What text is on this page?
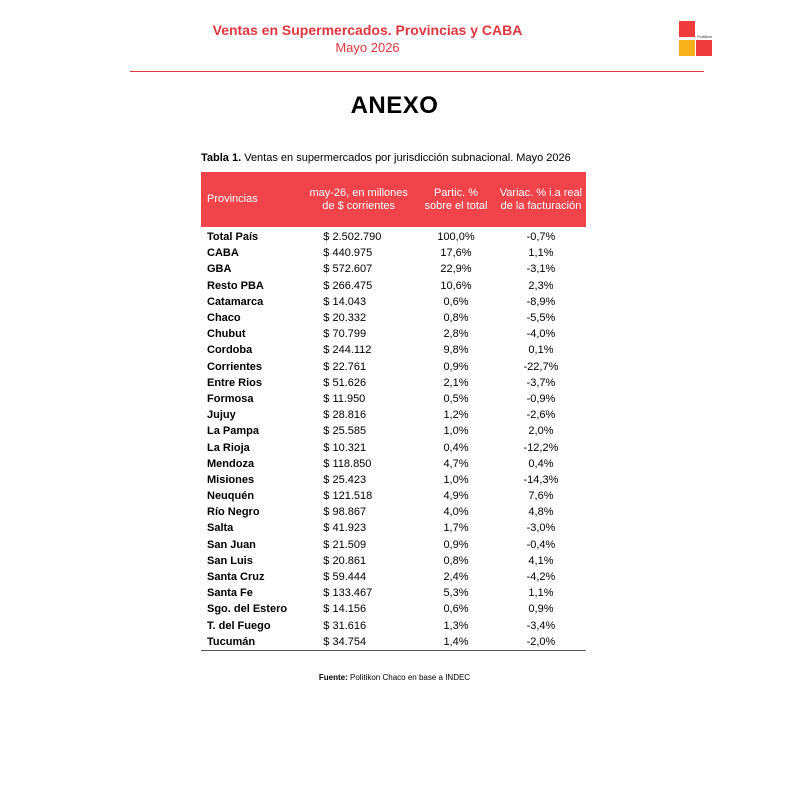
Ventas en Supermercados. Provincias y CABA
Mayo 2026
Politikon
ANEXO
Tabla 1. Ventas en supermercados por jurisdicción subnacional. Mayo 2026
Provincias	may-26, en millones de $ corrientes	Partic. % sobre el total	Variac. % i.a real de la facturación
Total País	$ 2.502.790	100,0%	-0,7%
CABA	$ 440.975	17,6%	1,1%
GBA	$ 572.607	22,9%	-3,1%
Resto PBA	$ 266.475	10,6%	2,3%
Catamarca	$ 14.043	0,6%	-8,9%
Chaco	$ 20.332	0,8%	-5,5%
Chubut	$ 70.799	2,8%	-4,0%
Cordoba	$ 244.112	9,8%	0,1%
Corrientes	$ 22.761	0,9%	-22,7%
Entre Rios	$ 51.626	2,1%	-3,7%
Formosa	$ 11.950	0,5%	-0,9%
Jujuy	$ 28.816	1,2%	-2,6%
La Pampa	$ 25.585	1,0%	2,0%
La Rioja	$ 10.321	0,4%	-12,2%
Mendoza	$ 118.850	4,7%	0,4%
Misiones	$ 25.423	1,0%	-14,3%
Neuquén	$ 121.518	4,9%	7,6%
Río Negro	$ 98.867	4,0%	4,8%
Salta	$ 41.923	1,7%	-3,0%
San Juan	$ 21.509	0,9%	-0,4%
San Luis	$ 20.861	0,8%	4,1%
Santa Cruz	$ 59.444	2,4%	-4,2%
Santa Fe	$ 133.467	5,3%	1,1%
Sgo. del Estero	$ 14.156	0,6%	0,9%
T. del Fuego	$ 31.616	1,3%	-3,4%
Tucumán	$ 34.754	1,4%	-2,0%
Fuente: Politikon Chaco en base a INDEC
